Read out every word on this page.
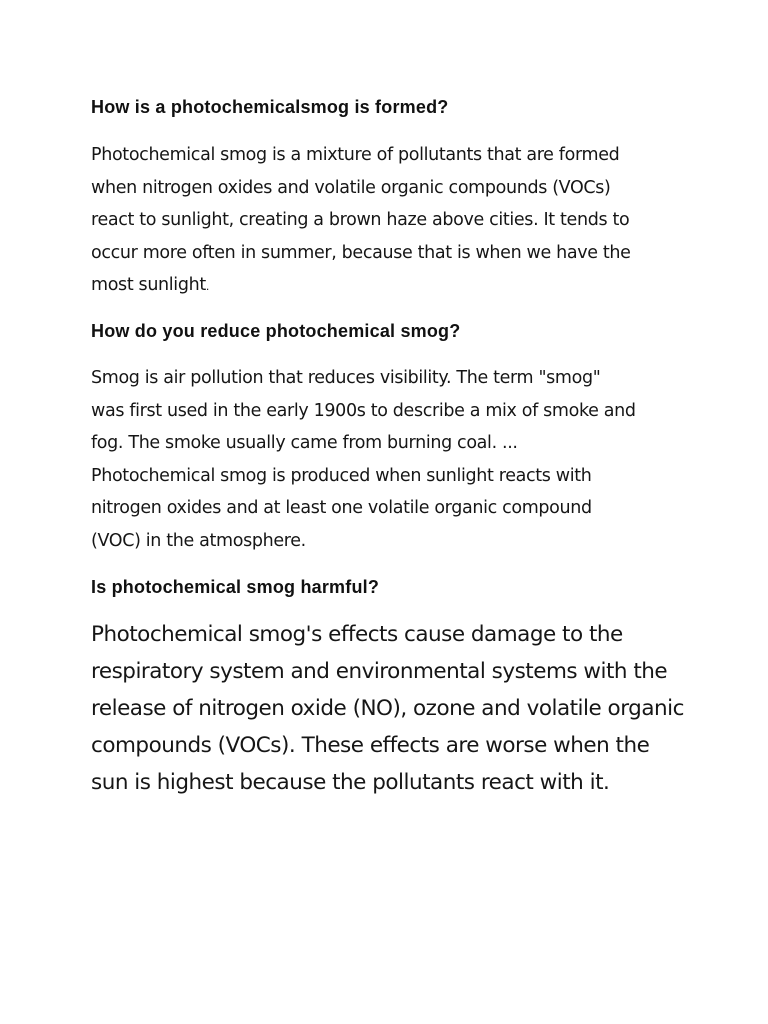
How is a photochemicalsmog is formed?
Photochemical smog is a mixture of pollutants that are formed
when nitrogen oxides and volatile organic compounds (VOCs)
react to sunlight, creating a brown haze above cities. It tends to
occur more often in summer, because that is when we have the
most sunlight.
How do you reduce photochemical smog?
Smog is air pollution that reduces visibility. The term "smog"
was first used in the early 1900s to describe a mix of smoke and
fog. The smoke usually came from burning coal. ...
Photochemical smog is produced when sunlight reacts with
nitrogen oxides and at least one volatile organic compound
(VOC) in the atmosphere.
Is photochemical smog harmful?
Photochemical smog's effects cause damage to the
respiratory system and environmental systems with the
release of nitrogen oxide (NO), ozone and volatile organic
compounds (VOCs). These effects are worse when the
sun is highest because the pollutants react with it.
